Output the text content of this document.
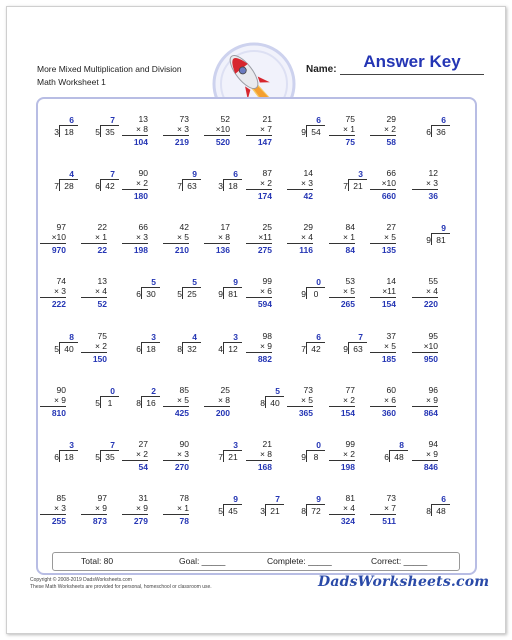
More Mixed Multiplication and Division
Math Worksheet 1
Name:	Answer Key
6
3 18
7
5 35
13
× 8
104
73
× 3
219
52
×10
520
21
× 7
147
6
9 54
75
× 1
75
29
× 2
58
6
6 36
4
7 28
7
6 42
90
× 2
180
9
7 63
6
3 18
87
× 2
174
14
× 3
42
3
7 21
66
×10
660
12
× 3
36
97
×10
970
22
× 1
22
66
× 3
198
42
× 5
210
17
× 8
136
25
×11
275
29
× 4
116
84
× 1
84
27
× 5
135
9
9 81
74
× 3
222
13
× 4
52
5
6 30
5
5 25
9
9 81
99
× 6
594
0
9 0
53
× 5
265
14
×11
154
55
× 4
220
8
5 40
75
× 2
150
3
6 18
4
8 32
3
4 12
98
× 9
882
6
7 42
7
9 63
37
× 5
185
95
×10
950
90
× 9
810
0
5 1
2
8 16
85
× 5
425
25
× 8
200
5
8 40
73
× 5
365
77
× 2
154
60
× 6
360
96
× 9
864
3
6 18
7
5 35
27
× 2
54
90
× 3
270
3
7 21
21
× 8
168
0
9 8
99
× 2
198
8
6 48
94
× 9
846
85
× 3
255
97
× 9
873
31
× 9
279
78
× 1
78
9
5 45
7
3 21
9
8 72
81
× 4
324
73
× 7
511
6
8 48
Total: 80	Goal: _____	Complete: _____	Correct: _____
Copyright © 2008-2019 DadsWorksheets.com
These Math Worksheets are provided for personal, homeschool or classroom use.	DadsWorksheets.com
